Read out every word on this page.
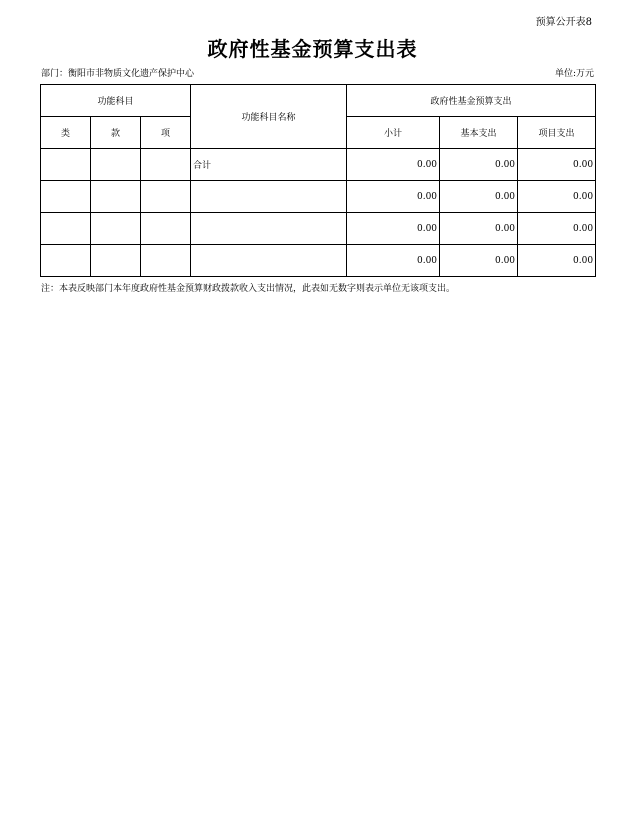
预算公开表8
政府性基金预算支出表
部门：衡阳市非物质文化遗产保护中心	单位:万元
功能科目			功能科目名称	政府性基金预算支出		
类	款	项		小计	基本支出	项目支出
			合计	0.00	0.00	0.00
				0.00	0.00	0.00
				0.00	0.00	0.00
				0.00	0.00	0.00
注：本表反映部门本年度政府性基金预算财政拨款收入支出情况，此表如无数字则表示单位无该项支出。
